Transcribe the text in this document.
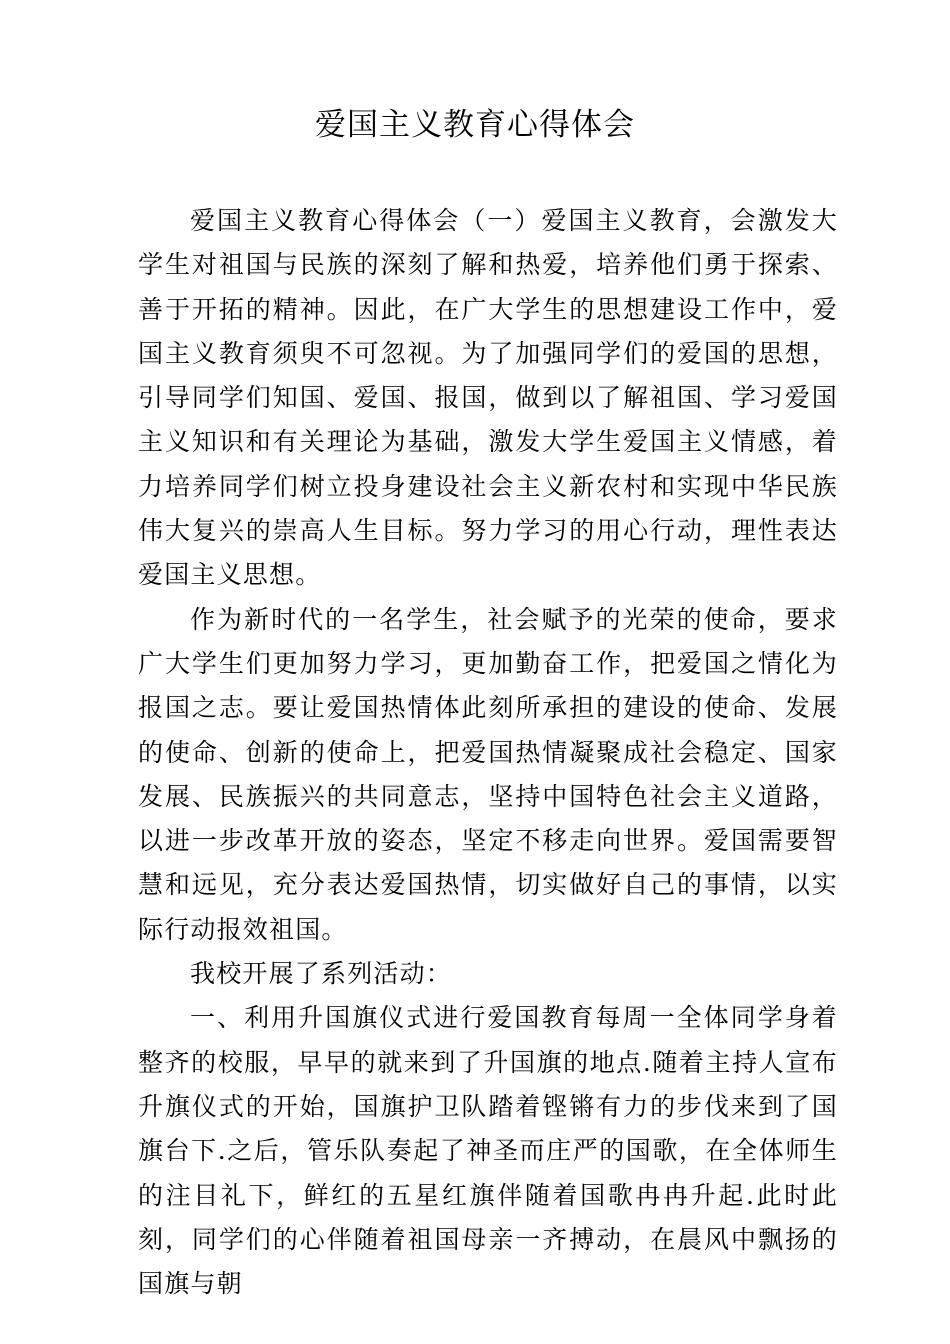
爱国主义教育心得体会

爱国主义教育心得体会（一）爱国主义教育，会激发大学生对祖国与民族的深刻了解和热爱，培养他们勇于探索、善于开拓的精神。因此，在广大学生的思想建设工作中，爱国主义教育须臾不可忽视。为了加强同学们的爱国的思想，引导同学们知国、爱国、报国，做到以了解祖国、学习爱国主义知识和有关理论为基础，激发大学生爱国主义情感，着力培养同学们树立投身建设社会主义新农村和实现中华民族伟大复兴的崇高人生目标。努力学习的用心行动，理性表达爱国主义思想。

作为新时代的一名学生，社会赋予的光荣的使命，要求广大学生们更加努力学习，更加勤奋工作，把爱国之情化为报国之志。要让爱国热情体此刻所承担的建设的使命、发展的使命、创新的使命上，把爱国热情凝聚成社会稳定、国家发展、民族振兴的共同意志，坚持中国特色社会主义道路，以进一步改革开放的姿态，坚定不移走向世界。爱国需要智慧和远见，充分表达爱国热情，切实做好自己的事情，以实际行动报效祖国。

我校开展了系列活动：

一、利用升国旗仪式进行爱国教育每周一全体同学身着整齐的校服，早早的就来到了升国旗的地点.随着主持人宣布升旗仪式的开始，国旗护卫队踏着铿锵有力的步伐来到了国旗台下.之后，管乐队奏起了神圣而庄严的国歌，在全体师生的注目礼下，鲜红的五星红旗伴随着国歌冉冉升起.此时此刻，同学们的心伴随着祖国母亲一齐搏动，在晨风中飘扬的国旗与朝
